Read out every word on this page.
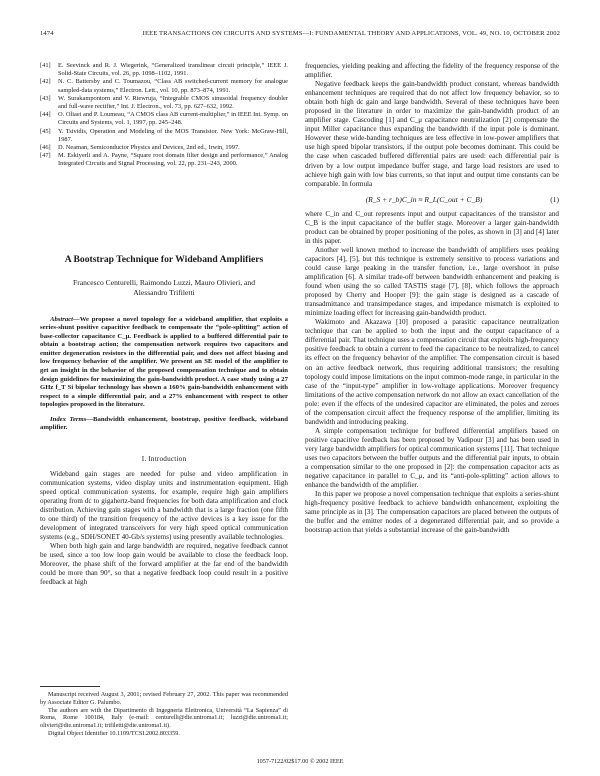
1474	IEEE TRANSACTIONS ON CIRCUITS AND SYSTEMS—I: FUNDAMENTAL THEORY AND APPLICATIONS, VOL. 49, NO. 10, OCTOBER 2002
[41]	E. Seevinck and R. J. Wiegerink, “Generalized translinear circuit principle,” IEEE J. Solid-State Circuits, vol. 26, pp. 1098–1102, 1991.
[42]	N. C. Battersby and C. Toumazou, “Class AB switched-current memory for analogue sampled-data systems,” Electron. Lett., vol. 10, pp. 873–874, 1991.
[43]	W. Surakampontorn and V. Riewruja, “Integrable CMOS sinusoidal frequency doubler and full-wave rectifier,” Int. J. Electron., vol. 73, pp. 627–632, 1992.
[44]	O. Oliaei and P. Loumeau, “A CMOS class AB current-multiplier,” in IEEE Int. Symp. on Circuits and Systems, vol. 1, 1997, pp. 245–248.
[45]	Y. Tsividis, Operation and Modeling of the MOS Transistor. New York: McGraw-Hill, 1987.
[46]	D. Neaman, Semiconductor Physics and Devices, 2nd ed., Irwin, 1997.
[47]	M. Eskiyerli and A. Payne, “Square root domain filter design and performance,” Analog Integrated Circuits and Signal Processing, vol. 22, pp. 231–243, 2000.
A Bootstrap Technique for Wideband Amplifiers
Francesco Centurelli, Raimondo Luzzi, Mauro Olivieri, and
Alessandro Trifiletti

Abstract—We propose a novel topology for a wideband amplifier, that exploits a series-shunt positive capacitive feedback to compensate the “pole-splitting” action of base-collector capacitance C_μ. Feedback is applied to a buffered differential pair to obtain a bootstrap action; the compensation network requires two capacitors and emitter degeneration resistors in the differential pair, and does not affect biasing and low frequency behavior of the amplifier. We present an SE model of the amplifier to get an insight in the behavior of the proposed compensation technique and to obtain design guidelines for maximizing the gain-bandwidth product. A case study using a 27 GHz f_T Si bipolar technology has shown a 160% gain-bandwidth enhancement with respect to a simple differential pair, and a 27% enhancement with respect to other topologies proposed in the literature.

Index Terms—Bandwidth enhancement, bootstrap, positive feedback, wideband amplifier.

I. Introduction

Wideband gain stages are needed for pulse and video amplification in communication systems, video display units and instrumentation equipment. High speed optical communication systems, for example, require high gain amplifiers operating from dc to gigahertz-band frequencies for both data amplification and clock distribution. Achieving gain stages with a bandwidth that is a large fraction (one fifth to one third) of the transition frequency of the active devices is a key issue for the development of integrated transceivers for very high speed optical communication systems (e.g., SDH/SONET 40-Gb/s systems) using presently available technologies.

When both high gain and large bandwidth are required, negative feedback cannot be used, since a too low loop gain would be available to close the feedback loop. Moreover, the phase shift of the forward amplifier at the far end of the bandwidth could be more than 90°, so that a negative feedback loop could result in a positive feedback at high

Manuscript received August 3, 2001; revised February 27, 2002. This paper was recommended by Associate Editor G. Palumbo.

The authors are with the Dipartimento di Ingegneria Elettronica, Università “La Sapienza” di Roma, Rome 100184, Italy (e-mail: centurelli@die.uniroma1.it; luzzi@die.uniroma1.it; olivieri@die.uniroma1.it; trifiletti@die.uniroma1.it).

Digital Object Identifier 10.1109/TCSI.2002.803359.

frequencies, yielding peaking and affecting the fidelity of the frequency response of the amplifier.

Negative feedback keeps the gain-bandwidth product constant, whereas bandwidth enhancement techniques are required that do not affect low frequency behavior, so to obtain both high dc gain and large bandwidth. Several of these techniques have been proposed in the literature in order to maximize the gain-bandwidth product of an amplifier stage. Cascoding [1] and C_μ capacitance neutralization [2] compensate the input Miller capacitance thus expanding the bandwidth if the input pole is dominant. However these wide-banding techniques are less effective in low-power amplifiers that use high speed bipolar transistors, if the output pole becomes dominant. This could be the case when cascaded buffered differential pairs are used: each differential pair is driven by a low output impedance buffer stage, and large load resistors are used to achieve high gain with low bias currents, so that input and output time constants can be comparable. In formula

(R_S + r_b)C_in ≈ R_L(C_out + C_B)	(1)

where C_in and C_out represents input and output capacitances of the transistor and C_B is the input capacitance of the buffer stage. Moreover a larger gain-bandwidth product can be obtained by proper positioning of the poles, as shown in [3] and [4] later in this paper.

Another well known method to increase the bandwidth of amplifiers uses peaking capacitors [4], [5], but this technique is extremely sensitive to process variations and could cause large peaking in the transfer function, i.e., large overshoot in pulse amplification [6]. A similar trade-off between bandwidth enhancement and peaking is found when using the so called TASTIS stage [7], [8], which follows the approach proposed by Cherry and Hooper [9]: the gain stage is designed as a cascade of transadmittance and transimpedance stages, and impedance mismatch is exploited to minimize loading effect for increasing gain-bandwidth product.

Wakimoto and Akazawa [10] proposed a parasitic capacitance neutralization technique that can be applied to both the input and the output capacitance of a differential pair. That technique uses a compensation circuit that exploits high-frequency positive feedback to obtain a current to feed the capacitance to be neutralized, to cancel its effect on the frequency behavior of the amplifier. The compensation circuit is based on an active feedback network, thus requiring additional transistors; the resulting topology could impose limitations on the input common-mode range, in particular in the case of the “input-type” amplifier in low-voltage applications. Moreover frequency limitations of the active compensation network do not allow an exact cancellation of the pole: even if the effects of the undesired capacitor are eliminated, the poles and zeroes of the compensation circuit affect the frequency response of the amplifier, limiting its bandwidth and introducing peaking.

A simple compensation technique for buffered differential amplifiers based on positive capacitive feedback has been proposed by Vadipour [3] and has been used in very large bandwidth amplifiers for optical communication systems [11]. That technique uses two capacitors between the buffer outputs and the differential pair inputs, to obtain a compensation similar to the one proposed in [2]: the compensation capacitor acts as negative capacitance in parallel to C_μ, and its “anti-pole-splitting” action allows to enhance the bandwidth of the amplifier.

In this paper we propose a novel compensation technique that exploits a series-shunt high-frequency positive feedback to achieve bandwidth enhancement, exploiting the same principle as in [3]. The compensation capacitors are placed between the outputs of the buffer and the emitter nodes of a degenerated differential pair, and so provide a bootstrap action that yields a substantial increase of the gain-bandwidth

1057-7122/02$17.00 © 2002 IEEE
